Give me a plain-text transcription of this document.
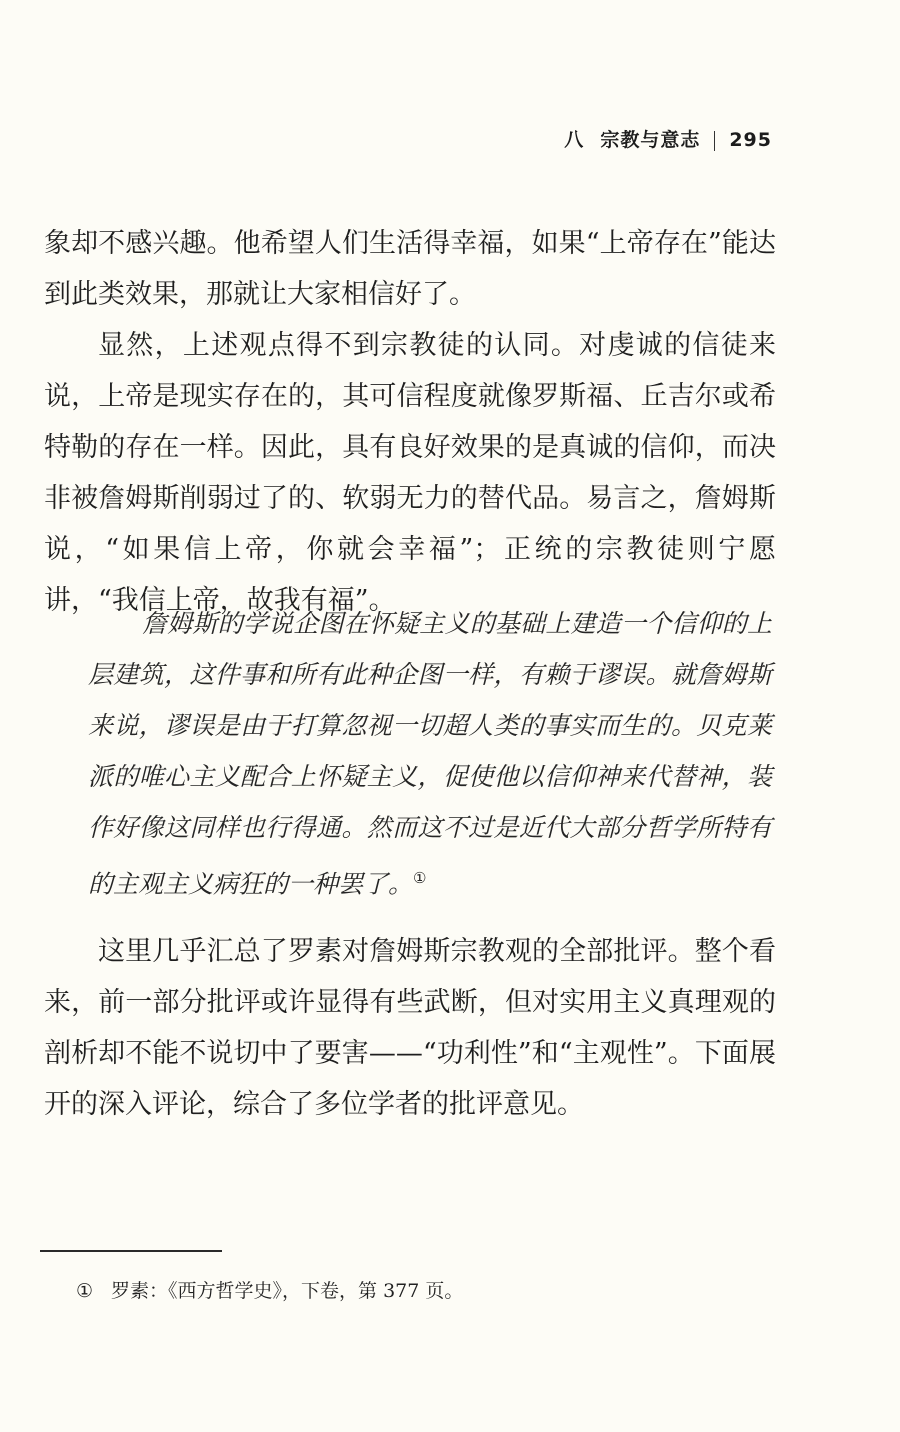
八 宗教与意志 295

象却不感兴趣。他希望人们生活得幸福，如果“上帝存在”能达到此类效果，那就让大家相信好了。

显然，上述观点得不到宗教徒的认同。对虔诚的信徒来说，上帝是现实存在的，其可信程度就像罗斯福、丘吉尔或希特勒的存在一样。因此，具有良好效果的是真诚的信仰，而决非被詹姆斯削弱过了的、软弱无力的替代品。易言之，詹姆斯说，“如果信上帝，你就会幸福”；正统的宗教徒则宁愿讲，“我信上帝，故我有福”。

詹姆斯的学说企图在怀疑主义的基础上建造一个信仰的上层建筑，这件事和所有此种企图一样，有赖于谬误。就詹姆斯来说，谬误是由于打算忽视一切超人类的事实而生的。贝克莱派的唯心主义配合上怀疑主义，促使他以信仰神来代替神，装作好像这同样也行得通。然而这不过是近代大部分哲学所特有的主观主义病狂的一种罢了。①

这里几乎汇总了罗素对詹姆斯宗教观的全部批评。整个看来，前一部分批评或许显得有些武断，但对实用主义真理观的剖析却不能不说切中了要害——“功利性”和“主观性”。下面展开的深入评论，综合了多位学者的批评意见。

① 罗素：《西方哲学史》，下卷，第 377 页。
